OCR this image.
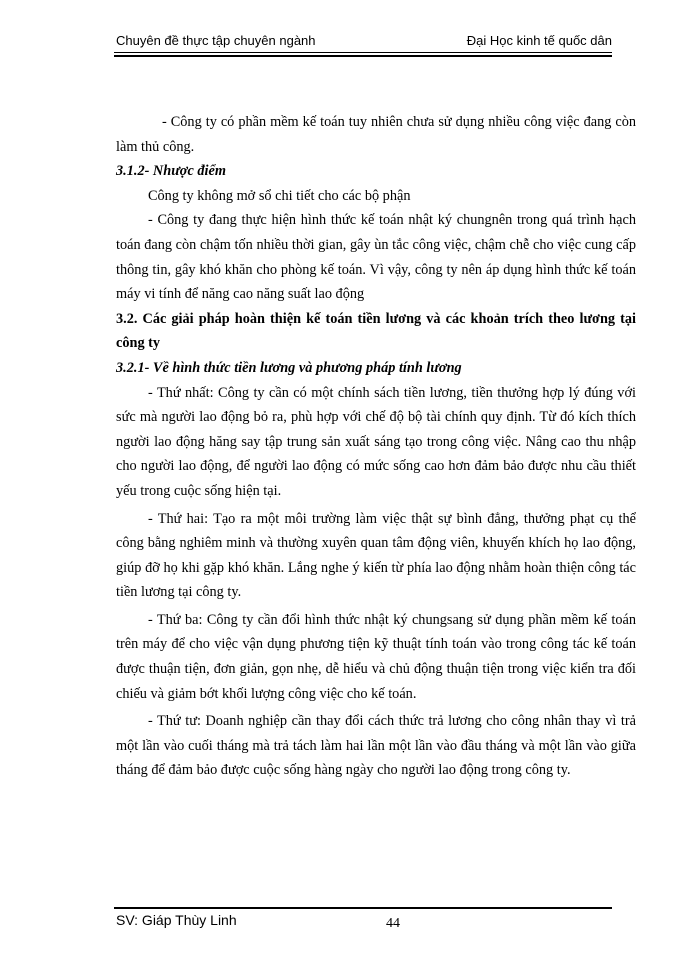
Chuyên đề thực tập chuyên ngành	Đại Học kinh tế quốc dân
- Công ty có phần mềm kế toán tuy nhiên chưa sử dụng nhiều công việc đang còn làm thủ công.
3.1.2- Nhược điểm
Công ty không mở sổ chi tiết cho các bộ phận
- Công ty đang thực hiện hình thức kế toán nhật ký chungnên trong quá trình hạch toán đang còn chậm tốn nhiều thời gian, gây ùn tắc công việc, chậm chễ cho việc cung cấp thông tin, gây khó khăn cho phòng kế toán. Vì vậy, công ty nên áp dụng hình thức kế toán máy vi tính để năng cao năng suất lao động
3.2. Các giải pháp hoàn thiện kế toán tiền lương và các khoản trích theo lương tại công ty
3.2.1- Về hình thức tiền lương và phương pháp tính lương
- Thứ nhất: Công ty cần có một chính sách tiền lương, tiền thưởng hợp lý đúng với sức mà người lao động bỏ ra, phù hợp với chế độ bộ tài chính quy định. Từ đó kích thích người lao động hăng say tập trung sản xuất sáng tạo trong công việc. Nâng cao thu nhập cho người lao động, để người lao động có mức sống cao hơn đảm bảo được nhu cầu thiết yếu trong cuộc sống hiện tại.
- Thứ hai: Tạo ra một môi trường làm việc thật sự bình đẳng, thưởng phạt cụ thể công bằng nghiêm minh và thường xuyên quan tâm động viên, khuyến khích họ lao động, giúp đỡ họ khi gặp khó khăn. Lắng nghe ý kiến từ phía lao động nhằm hoàn thiện công tác tiền lương tại công ty.
- Thứ ba: Công ty cần đổi hình thức nhật ký chungsang sử dụng phần mềm kế toán trên máy để cho việc vận dụng phương tiện kỹ thuật tính toán vào trong công tác kế toán được thuận tiện, đơn giản, gọn nhẹ, dễ hiểu và chủ động thuận tiện trong việc kiển tra đối chiếu và giảm bớt khối lượng công việc cho kế toán.
- Thứ tư: Doanh nghiệp cần thay đổi cách thức trả lương cho công nhân thay vì trả một lần vào cuối tháng mà trả tách làm hai lần một lần vào đầu tháng và một lần vào giữa tháng để đảm bảo được cuộc sống hàng ngày cho người lao động trong công ty.
SV: Giáp Thùy Linh	44
